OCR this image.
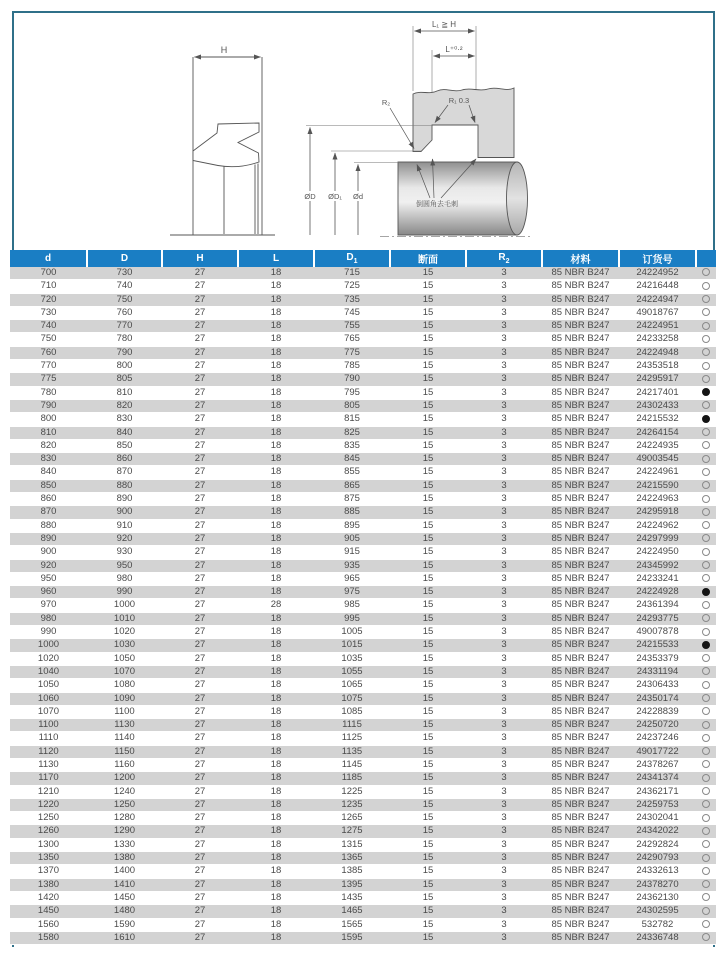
H
L₁ ≧ H
L⁺⁰·²
R₁ 0.3
R₂
倒圆角去毛刺
ØD ØD₁ Ød
d	D	H	L	$D_1$	断面	$R_2$	材料	订货号	
700	730	27	18	715	15	3	85 NBR B247	24224952	
710	740	27	18	725	15	3	85 NBR B247	24216448	
720	750	27	18	735	15	3	85 NBR B247	24224947	
730	760	27	18	745	15	3	85 NBR B247	49018767	
740	770	27	18	755	15	3	85 NBR B247	24224951	
750	780	27	18	765	15	3	85 NBR B247	24233258	
760	790	27	18	775	15	3	85 NBR B247	24224948	
770	800	27	18	785	15	3	85 NBR B247	24353518	
775	805	27	18	790	15	3	85 NBR B247	24295917	
780	810	27	18	795	15	3	85 NBR B247	24217401	
790	820	27	18	805	15	3	85 NBR B247	24302433	
800	830	27	18	815	15	3	85 NBR B247	24215532	
810	840	27	18	825	15	3	85 NBR B247	24264154	
820	850	27	18	835	15	3	85 NBR B247	24224935	
830	860	27	18	845	15	3	85 NBR B247	49003545	
840	870	27	18	855	15	3	85 NBR B247	24224961	
850	880	27	18	865	15	3	85 NBR B247	24215590	
860	890	27	18	875	15	3	85 NBR B247	24224963	
870	900	27	18	885	15	3	85 NBR B247	24295918	
880	910	27	18	895	15	3	85 NBR B247	24224962	
890	920	27	18	905	15	3	85 NBR B247	24297999	
900	930	27	18	915	15	3	85 NBR B247	24224950	
920	950	27	18	935	15	3	85 NBR B247	24345992	
950	980	27	18	965	15	3	85 NBR B247	24233241	
960	990	27	18	975	15	3	85 NBR B247	24224928	
970	1000	27	28	985	15	3	85 NBR B247	24361394	
980	1010	27	18	995	15	3	85 NBR B247	24293775	
990	1020	27	18	1005	15	3	85 NBR B247	49007878	
1000	1030	27	18	1015	15	3	85 NBR B247	24215533	
1020	1050	27	18	1035	15	3	85 NBR B247	24353379	
1040	1070	27	18	1055	15	3	85 NBR B247	24331194	
1050	1080	27	18	1065	15	3	85 NBR B247	24306433	
1060	1090	27	18	1075	15	3	85 NBR B247	24350174	
1070	1100	27	18	1085	15	3	85 NBR B247	24228839	
1100	1130	27	18	1115	15	3	85 NBR B247	24250720	
1110	1140	27	18	1125	15	3	85 NBR B247	24237246	
1120	1150	27	18	1135	15	3	85 NBR B247	49017722	
1130	1160	27	18	1145	15	3	85 NBR B247	24378267	
1170	1200	27	18	1185	15	3	85 NBR B247	24341374	
1210	1240	27	18	1225	15	3	85 NBR B247	24362171	
1220	1250	27	18	1235	15	3	85 NBR B247	24259753	
1250	1280	27	18	1265	15	3	85 NBR B247	24302041	
1260	1290	27	18	1275	15	3	85 NBR B247	24342022	
1300	1330	27	18	1315	15	3	85 NBR B247	24292824	
1350	1380	27	18	1365	15	3	85 NBR B247	24290793	
1370	1400	27	18	1385	15	3	85 NBR B247	24332613	
1380	1410	27	18	1395	15	3	85 NBR B247	24378270	
1420	1450	27	18	1435	15	3	85 NBR B247	24362130	
1450	1480	27	18	1465	15	3	85 NBR B247	24302595	
1560	1590	27	18	1565	15	3	85 NBR B247	532782	
1580	1610	27	18	1595	15	3	85 NBR B247	24336748	
